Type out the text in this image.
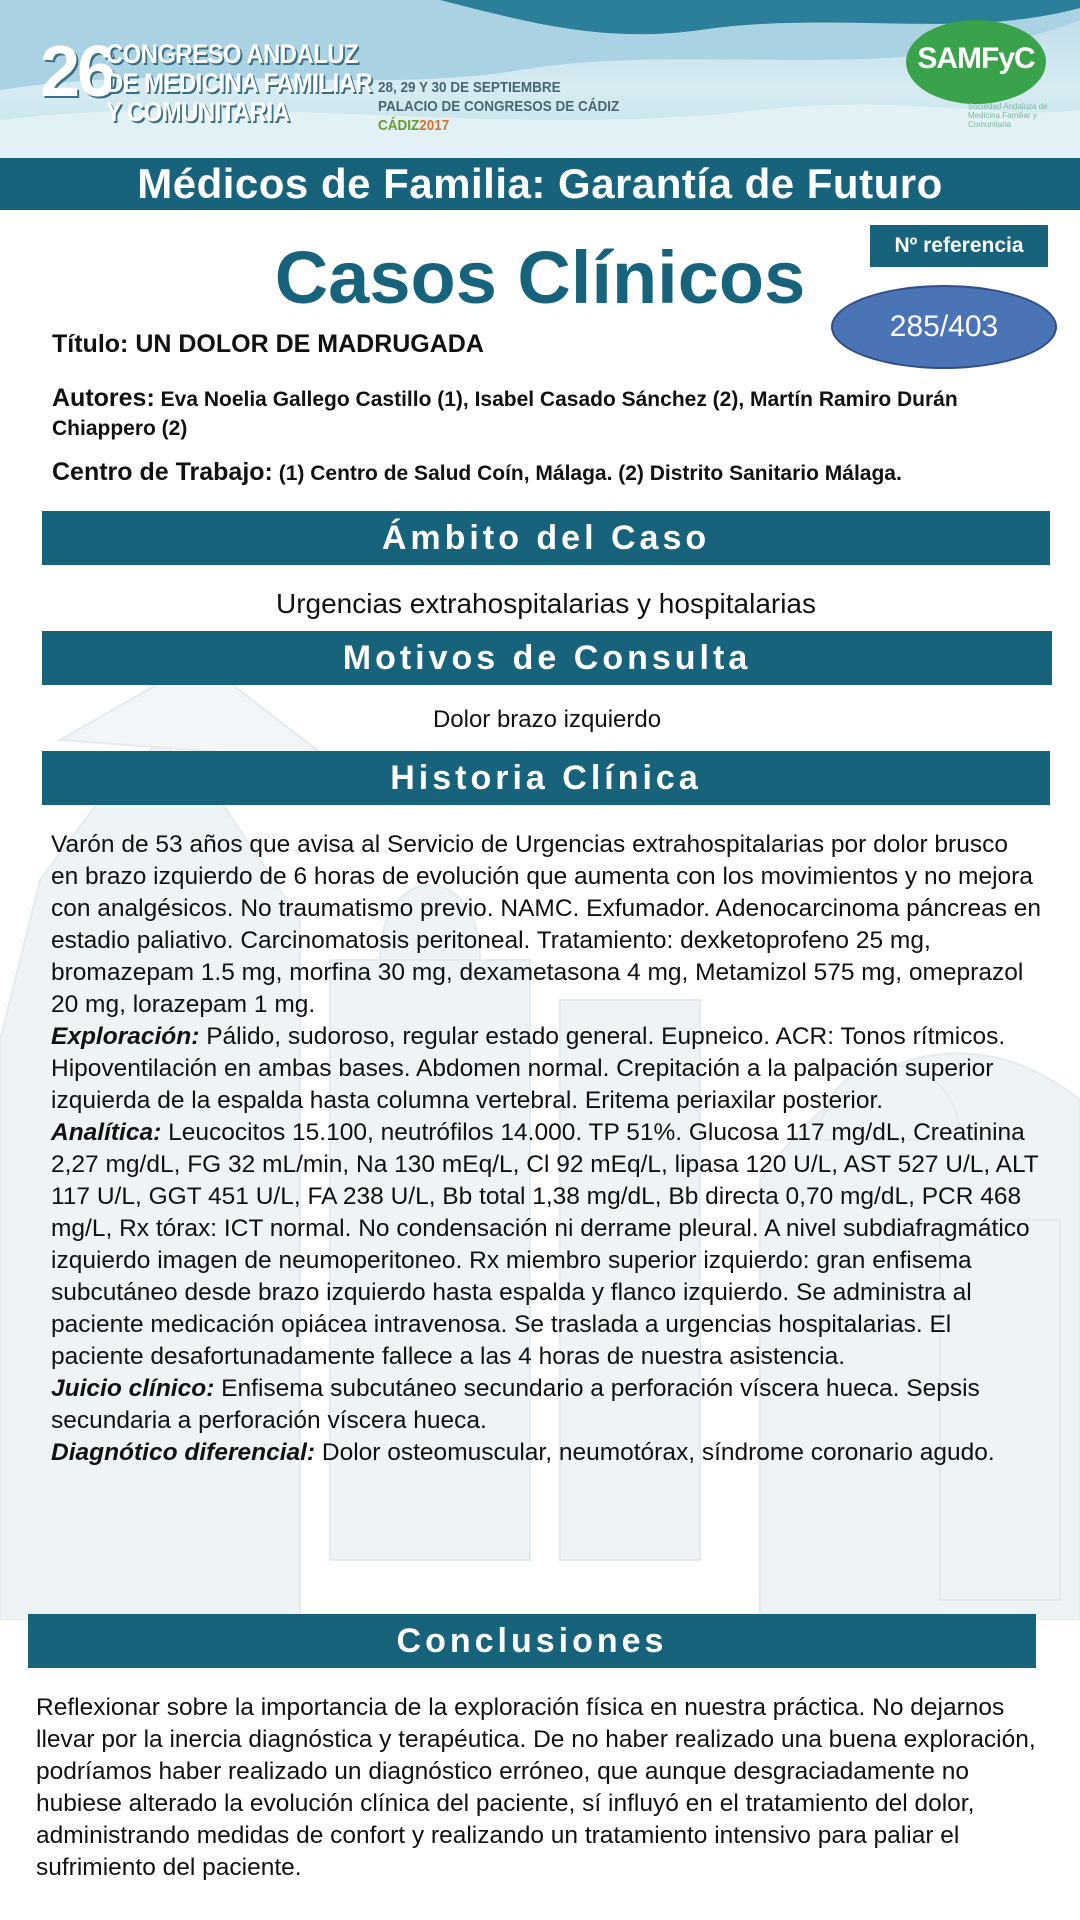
26
CONGRESO ANDALUZ
DE MEDICINA FAMILIAR
Y COMUNITARIA
28, 29 Y 30 DE SEPTIEMBRE
PALACIO DE CONGRESOS DE CÁDIZ
CÁDIZ2017
SAMFyC
Sociedad Andaluza de Medicina Familiar y Comunitaria
Médicos de Familia: Garantía de Futuro
Nº referencia
285/403
Casos Clínicos
Título: UN DOLOR DE MADRUGADA
Autores: Eva Noelia Gallego Castillo (1), Isabel Casado Sánchez (2), Martín Ramiro Durán Chiappero (2)
Centro de Trabajo: (1) Centro de Salud Coín, Málaga. (2) Distrito Sanitario Málaga.
Ámbito del Caso
Urgencias extrahospitalarias y hospitalarias
Motivos de Consulta
Dolor brazo izquierdo
Historia Clínica

Varón de 53 años que avisa al Servicio de Urgencias extrahospitalarias por dolor brusco en brazo izquierdo de 6 horas de evolución que aumenta con los movimientos y no mejora con analgésicos. No traumatismo previo. NAMC. Exfumador. Adenocarcinoma páncreas en estadio paliativo. Carcinomatosis peritoneal. Tratamiento: dexketoprofeno 25 mg, bromazepam 1.5 mg, morfina 30 mg, dexametasona 4 mg, Metamizol 575 mg, omeprazol 20 mg, lorazepam 1 mg.

Exploración: Pálido, sudoroso, regular estado general. Eupneico. ACR: Tonos rítmicos. Hipoventilación en ambas bases. Abdomen normal. Crepitación a la palpación superior izquierda de la espalda hasta columna vertebral. Eritema periaxilar posterior.

Analítica: Leucocitos 15.100, neutrófilos 14.000. TP 51%. Glucosa 117 mg/dL, Creatinina 2,27 mg/dL, FG 32 mL/min, Na 130 mEq/L, Cl 92 mEq/L, lipasa 120 U/L, AST 527 U/L, ALT 117 U/L, GGT 451 U/L, FA 238 U/L, Bb total 1,38 mg/dL, Bb directa 0,70 mg/dL, PCR 468 mg/L, Rx tórax: ICT normal. No condensación ni derrame pleural. A nivel subdiafragmático izquierdo imagen de neumoperitoneo. Rx miembro superior izquierdo: gran enfisema subcutáneo desde brazo izquierdo hasta espalda y flanco izquierdo. Se administra al paciente medicación opiácea intravenosa. Se traslada a urgencias hospitalarias. El paciente desafortunadamente fallece a las 4 horas de nuestra asistencia.

Juicio clínico: Enfisema subcutáneo secundario a perforación víscera hueca. Sepsis secundaria a perforación víscera hueca.

Diagnótico diferencial: Dolor osteomuscular, neumotórax, síndrome coronario agudo.

Conclusiones
Reflexionar sobre la importancia de la exploración física en nuestra práctica. No dejarnos llevar por la inercia diagnóstica y terapéutica. De no haber realizado una buena exploración, podríamos haber realizado un diagnóstico erróneo, que aunque desgraciadamente no hubiese alterado la evolución clínica del paciente, sí influyó en el tratamiento del dolor, administrando medidas de confort y realizando un tratamiento intensivo para paliar el sufrimiento del paciente.
